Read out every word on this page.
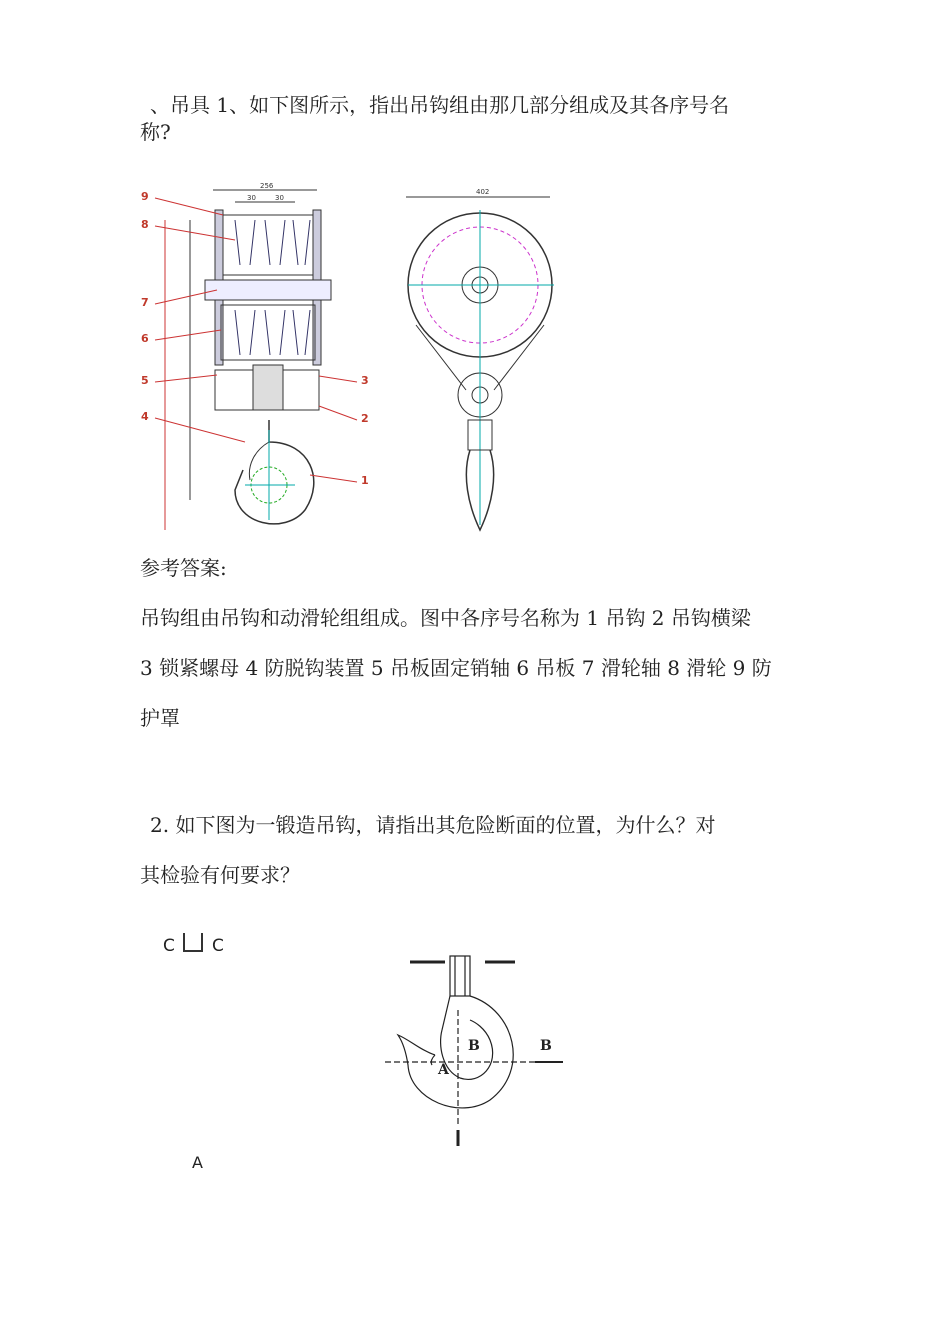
、吊具 1、如下图所示，指出吊钩组由那几部分组成及其各序号名
称?
9
8
7
6
5
4
3
2
1
256
30	30
402
参考答案:
吊钩组由吊钩和动滑轮组组成。图中各序号名称为 1 吊钩 2 吊钩横梁
3 锁紧螺母 4 防脱钩装置 5 吊板固定销轴 6 吊板 7 滑轮轴 8 滑轮 9 防
护罩
2. 如下图为一锻造吊钩，请指出其危险断面的位置，为什么？对
其检验有何要求？
C C
A
B	B
A
